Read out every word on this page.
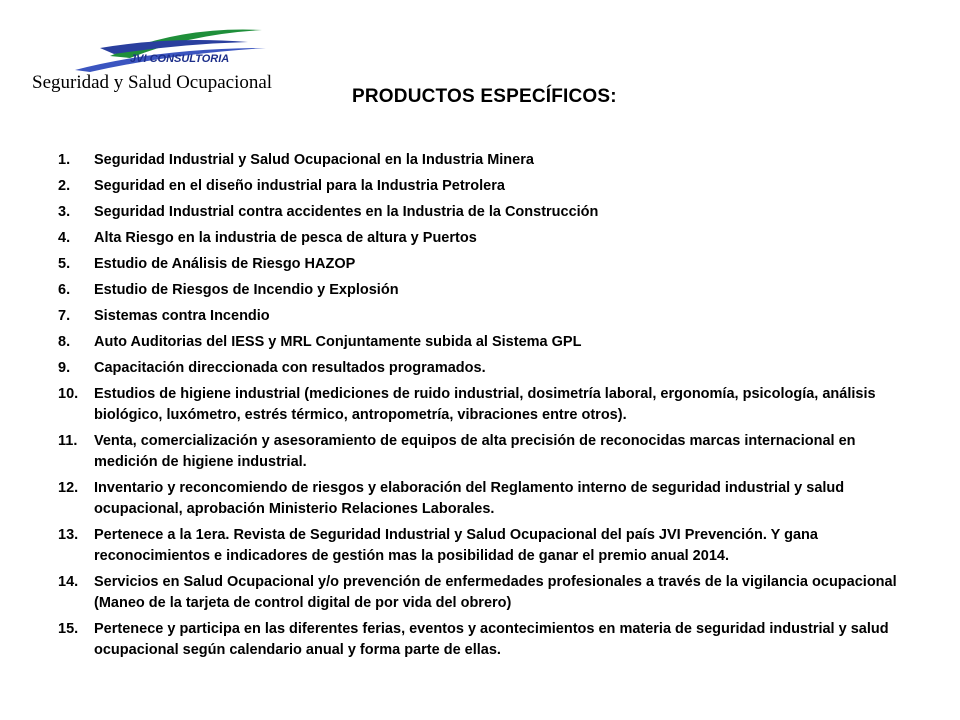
JVI CONSULTORIA
Seguridad y Salud Ocupacional
PRODUCTOS ESPECÍFICOS:
1.	Seguridad Industrial y Salud Ocupacional en la Industria Minera
2.	Seguridad en el diseño industrial para la Industria Petrolera
3.	Seguridad Industrial contra accidentes en la Industria de la Construcción
4.	Alta Riesgo en la industria de pesca de altura y Puertos
5.	Estudio de Análisis de Riesgo HAZOP
6.	Estudio de Riesgos de Incendio y Explosión
7.	Sistemas contra Incendio
8.	Auto Auditorias del IESS y MRL Conjuntamente subida al Sistema GPL
9.	Capacitación direccionada con resultados programados.
10.	Estudios de higiene industrial (mediciones de ruido industrial, dosimetría laboral, ergonomía, psicología, análisis biológico, luxómetro, estrés térmico, antropometría, vibraciones entre otros).
11.	Venta, comercialización y asesoramiento de equipos de alta precisión de reconocidas marcas internacional en medición de higiene industrial.
12.	Inventario y reconcomiendo de riesgos y elaboración del Reglamento interno de seguridad industrial y salud ocupacional, aprobación Ministerio Relaciones Laborales.
13.	Pertenece a la 1era. Revista de Seguridad Industrial y Salud Ocupacional del país JVI Prevención. Y gana reconocimientos e indicadores de gestión mas la posibilidad de ganar el premio anual 2014.
14.	Servicios en Salud Ocupacional y/o prevención de enfermedades profesionales a través de la vigilancia ocupacional (Maneo de la tarjeta de control digital de por vida del obrero)
15.	Pertenece y participa en las diferentes ferias, eventos y acontecimientos en materia de seguridad industrial y salud ocupacional según calendario anual y forma parte de ellas.
